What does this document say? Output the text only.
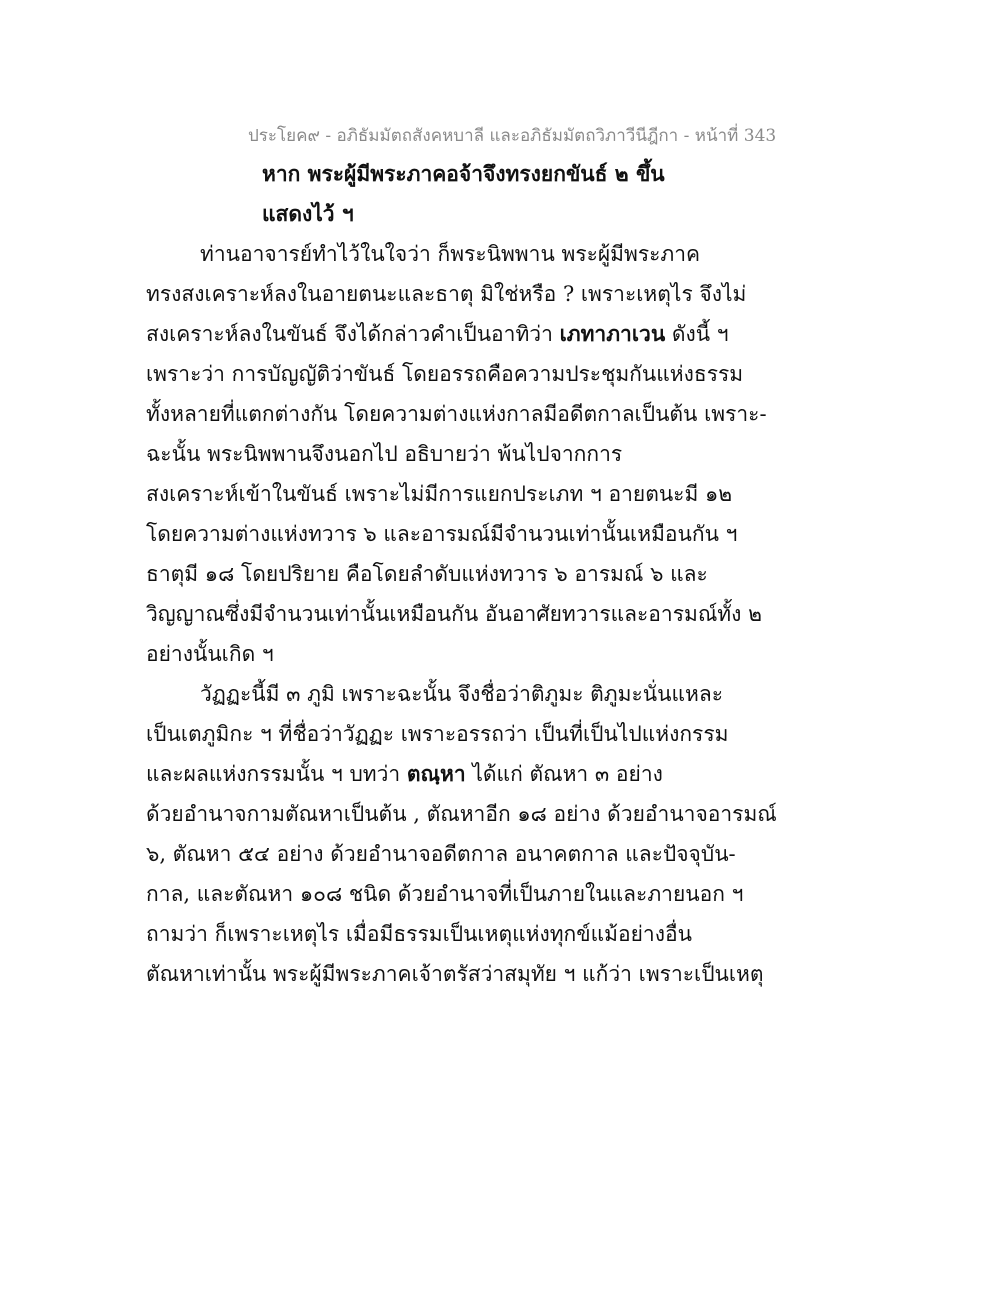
ประโยค๙ - อภิธัมมัตถสังคหบาลี และอภิธัมมัตถวิภาวีนีฎีกา - หน้าที่ 343
หาก พระผู้มีพระภาคอจ้าจึงทรงยกขันธ์ ๒ ขึ้น
แสดงไว้ ฯ
ท่านอาจารย์ทำไว้ในใจว่า ก็พระนิพพาน พระผู้มีพระภาค
ทรงสงเคราะห์ลงในอายตนะและธาตุ มิใช่หรือ ? เพราะเหตุไร จึงไม่
สงเคราะห์ลงในขันธ์ จึงได้กล่าวคำเป็นอาทิว่า เภทาภาเวน ดังนี้ ฯ
เพราะว่า การบัญญัติว่าขันธ์ โดยอรรถคือความประชุมกันแห่งธรรม
ทั้งหลายที่แตกต่างกัน โดยความต่างแห่งกาลมีอดีตกาลเป็นต้น เพราะ-
ฉะนั้น พระนิพพานจึงนอกไป อธิบายว่า พ้นไปจากการ
สงเคราะห์เข้าในขันธ์ เพราะไม่มีการแยกประเภท ฯ อายตนะมี ๑๒
โดยความต่างแห่งทวาร ๖ และอารมณ์มีจำนวนเท่านั้นเหมือนกัน ฯ
ธาตุมี ๑๘ โดยปริยาย คือโดยลำดับแห่งทวาร ๖ อารมณ์ ๖ และ
วิญญาณซึ่งมีจำนวนเท่านั้นเหมือนกัน อันอาศัยทวารและอารมณ์ทั้ง ๒
อย่างนั้นเกิด ฯ
วัฏฏะนี้มี ๓ ภูมิ เพราะฉะนั้น จึงชื่อว่าติภูมะ ติภูมะนั่นแหละ
เป็นเตภูมิกะ ฯ ที่ชื่อว่าวัฏฏะ เพราะอรรถว่า เป็นที่เป็นไปแห่งกรรม
และผลแห่งกรรมนั้น ฯ บทว่า ตณฺหา ได้แก่ ตัณหา ๓ อย่าง
ด้วยอำนาจกามตัณหาเป็นต้น , ตัณหาอีก ๑๘ อย่าง ด้วยอำนาจอารมณ์
๖, ตัณหา ๕๔ อย่าง ด้วยอำนาจอดีตกาล อนาคตกาล และปัจจุบัน-
กาล, และตัณหา ๑๐๘ ชนิด ด้วยอำนาจที่เป็นภายในและภายนอก ฯ
ถามว่า ก็เพราะเหตุไร เมื่อมีธรรมเป็นเหตุแห่งทุกข์แม้อย่างอื่น
ตัณหาเท่านั้น พระผู้มีพระภาคเจ้าตรัสว่าสมุทัย ฯ แก้ว่า เพราะเป็นเหตุ
